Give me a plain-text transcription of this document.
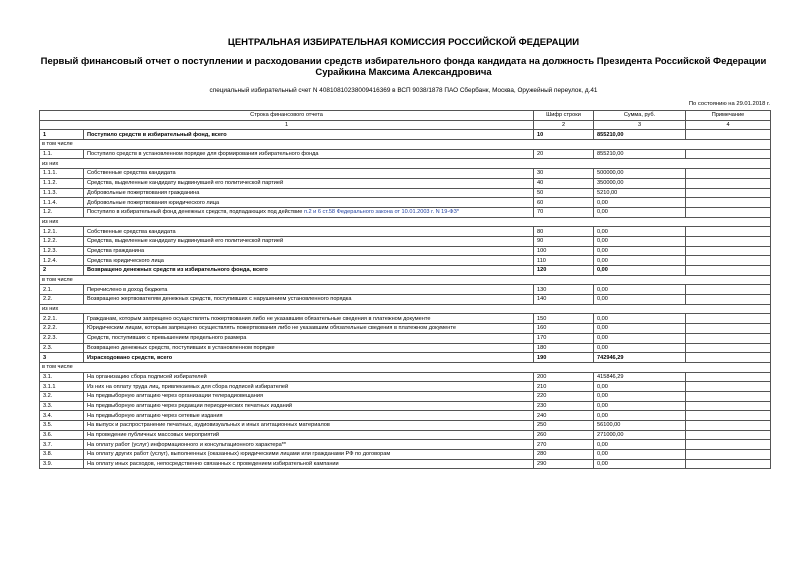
ЦЕНТРАЛЬНАЯ ИЗБИРАТЕЛЬНАЯ КОМИССИЯ РОССИЙСКОЙ ФЕДЕРАЦИИ
Первый финансовый отчет о поступлении и расходовании средств избирательного фонда кандидата на должность Президента Российской Федерации Сурайкина Максима Александровича
специальный избирательный счет N 40810810238009416369 в ВСП 9038/1878 ПАО Сбербанк, Москва, Оружейный переулок, д.41
По состоянию на 29.01.2018 г.
Строка финансового отчета		Шифр строки	Сумма, руб.	Примечание
1		2	3	4
1	Поступило средств в избирательный фонд, всего	10	855210,00	
в том числе				
1.1.	Поступило средств в установленном порядке для формирования избирательного фонда	20	855210,00	
из них				
1.1.1.	Собственные средства кандидата	30	500000,00	
1.1.2.	Средства, выделенные кандидату выдвинувшей его политической партией	40	350000,00	
1.1.3.	Добровольные пожертвования гражданина	50	5210,00	
1.1.4.	Добровольные пожертвования юридического лица	60	0,00	
1.2.	Поступило в избирательный фонд денежных средств, подпадающих под действие п.2 и 6 ст.58 Федерального закона от 10.01.2003 г. N 19-ФЗ*	70	0,00	
из них				
1.2.1.	Собственные средства кандидата	80	0,00	
1.2.2.	Средства, выделенные кандидату выдвинувшей его политической партией	90	0,00	
1.2.3.	Средства гражданина	100	0,00	
1.2.4.	Средства юридического лица	110	0,00	
2	Возвращено денежных средств из избирательного фонда, всего	120	0,00	
в том числе				
2.1.	Перечислено в доход бюджета	130	0,00	
2.2.	Возвращено жертвователям денежных средств, поступивших с нарушением установленного порядка	140	0,00	
из них				
2.2.1.	Гражданам, которым запрещено осуществлять пожертвования либо не указавшим обязательные сведения в платежном документе	150	0,00	
2.2.2.	Юридическим лицам, которым запрещено осуществлять пожертвования либо не указавшим обязательные сведения в платежном документе	160	0,00	
2.2.3.	Средств, поступивших с превышением предельного размера	170	0,00	
2.3.	Возвращено денежных средств, поступивших в установленном порядке	180	0,00	
3	Израсходовано средств, всего	190	742946,29	
в том числе				
3.1.	На организацию сбора подписей избирателей	200	415846,29	
3.1.1	Из них на оплату труда лиц, привлекаемых для сбора подписей избирателей	210	0,00	
3.2.	На предвыборную агитацию через организации телерадиовещания	220	0,00	
3.3.	На предвыборную агитацию через редакции периодических печатных изданий	230	0,00	
3.4.	На предвыборную агитацию через сетевые издания	240	0,00	
3.5.	На выпуск и распространение печатных, аудиовизуальных и иных агитационных материалов	250	56100,00	
3.6.	На проведение публичных массовых мероприятий	260	271000,00	
3.7.	На оплату работ (услуг) информационного и консультационного характера**	270	0,00	
3.8.	На оплату других работ (услуг), выполненных (оказанных) юридическими лицами или гражданами РФ по договорам	280	0,00	
3.9.	На оплату иных расходов, непосредственно связанных с проведением избирательной кампании	290	0,00	
